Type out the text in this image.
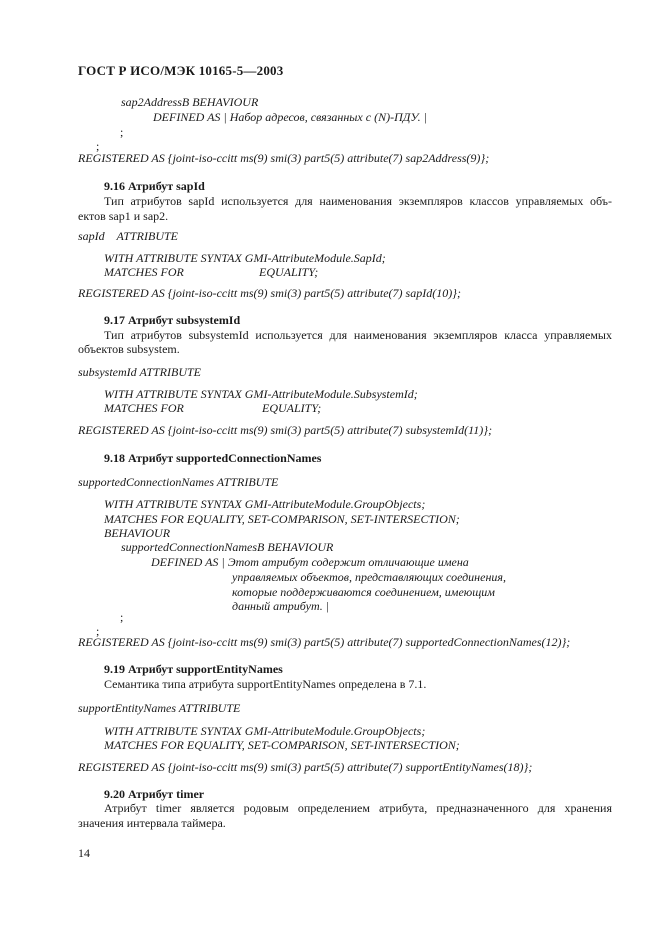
ГОСТ Р ИСО/МЭК 10165-5—2003
sap2AddressB BEHAVIOUR
DEFINED AS | Набор адресов, связанных с (N)-ПДУ. |
;
;
REGISTERED AS {joint-iso-ccitt ms(9) smi(3) part5(5) attribute(7) sap2Address(9)};
9.16 Атрибут sapId
Тип атрибутов sapId используется для наименования экземпляров классов управляемых объ-
ектов sap1 и sap2.
sapId    ATTRIBUTE
WITH ATTRIBUTE SYNTAX GMI-AttributeModule.SapId;
MATCHES FOR	EQUALITY;
REGISTERED AS {joint-iso-ccitt ms(9) smi(3) part5(5) attribute(7) sapId(10)};
9.17 Атрибут subsystemId
Тип атрибутов subsystemId используется для наименования экземпляров класса управляемых
объектов subsystem.
subsystemId ATTRIBUTE
WITH ATTRIBUTE SYNTAX GMI-AttributeModule.SubsystemId;
MATCHES FOR	EQUALITY;
REGISTERED AS {joint-iso-ccitt ms(9) smi(3) part5(5) attribute(7) subsystemId(11)};
9.18 Атрибут supportedConnectionNames
supportedConnectionNames ATTRIBUTE
WITH ATTRIBUTE SYNTAX GMI-AttributeModule.GroupObjects;
MATCHES FOR EQUALITY, SET-COMPARISON, SET-INTERSECTION;
BEHAVIOUR
supportedConnectionNamesB BEHAVIOUR
DEFINED AS | Этот атрибут содержит отличающие имена
управляемых объектов, представляющих соединения,
которые поддерживаются соединением, имеющим
данный атрибут. |
;
;
REGISTERED AS {joint-iso-ccitt ms(9) smi(3) part5(5) attribute(7) supportedConnectionNames(12)};
9.19 Атрибут supportEntityNames
Семантика типа атрибута supportEntityNames определена в 7.1.
supportEntityNames ATTRIBUTE
WITH ATTRIBUTE SYNTAX GMI-AttributeModule.GroupObjects;
MATCHES FOR EQUALITY, SET-COMPARISON, SET-INTERSECTION;
REGISTERED AS {joint-iso-ccitt ms(9) smi(3) part5(5) attribute(7) supportEntityNames(18)};
9.20 Атрибут timer
Атрибут timer является родовым определением атрибута, предназначенного для хранения
значения интервала таймера.
14
